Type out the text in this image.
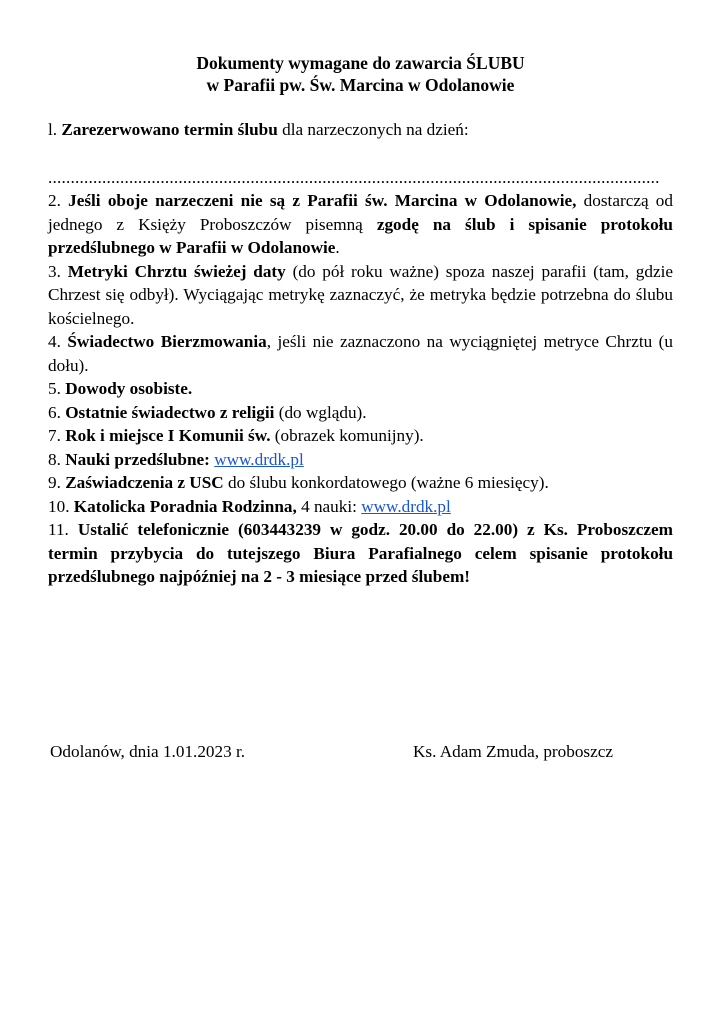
Dokumenty wymagane do zawarcia ŚLUBU
w Parafii pw. Św. Marcina w Odolanowie

l. Zarezerwowano termin ślubu dla narzeczonych na dzień:

........................................................................................................................................

2. Jeśli oboje narzeczeni nie są z Parafii św. Marcina w Odolanowie, dostarczą od jednego z Księży Proboszczów pisemną zgodę na ślub i spisanie protokołu przedślubnego w Parafii w Odolanowie.

3. Metryki Chrztu świeżej daty (do pół roku ważne) spoza naszej parafii (tam, gdzie Chrzest się odbył). Wyciągając metrykę zaznaczyć, że metryka będzie potrzebna do ślubu kościelnego.

4. Świadectwo Bierzmowania, jeśli nie zaznaczono na wyciągniętej metryce Chrztu (u dołu).

5. Dowody osobiste.

6. Ostatnie świadectwo z religii (do wglądu).

7. Rok i miejsce I Komunii św. (obrazek komunijny).

8. Nauki przedślubne: www.drdk.pl

9. Zaświadczenia z USC do ślubu konkordatowego (ważne 6 miesięcy).

10. Katolicka Poradnia Rodzinna, 4 nauki: www.drdk.pl

11. Ustalić telefonicznie (603443239 w godz. 20.00 do 22.00) z Ks. Proboszczem termin przybycia do tutejszego Biura Parafialnego celem spisanie protokołu przedślubnego najpóźniej na 2 - 3 miesiące przed ślubem!

Odolanów, dnia 1.01.2023 r.	Ks. Adam Zmuda, proboszcz
